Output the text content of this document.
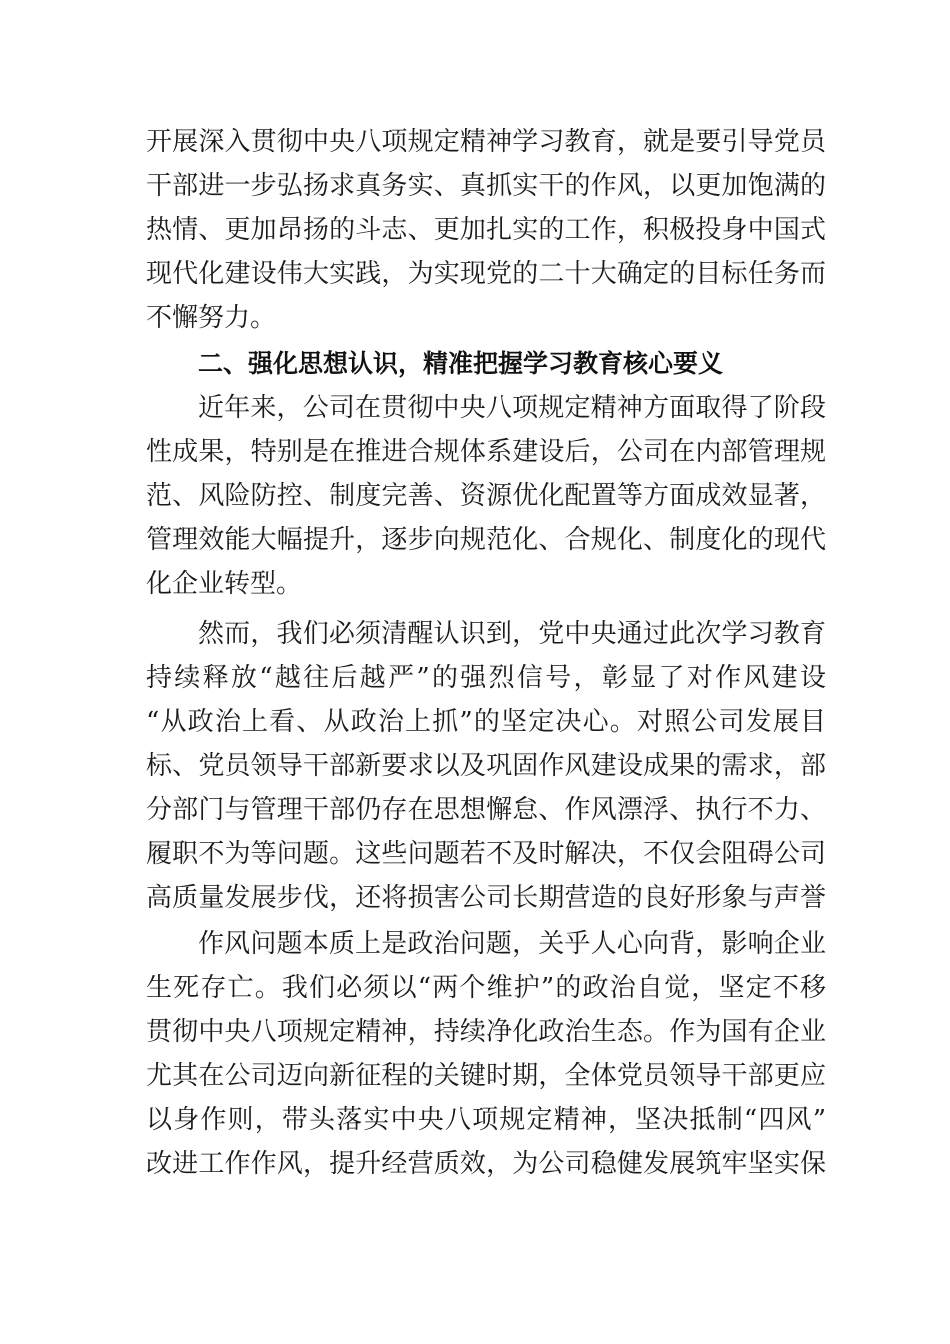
开展深入贯彻中央八项规定精神学习教育，就是要引导党员
干部进一步弘扬求真务实、真抓实干的作风，以更加饱满的
热情、更加昂扬的斗志、更加扎实的工作，积极投身中国式
现代化建设伟大实践，为实现党的二十大确定的目标任务而
不懈努力。
二、强化思想认识，精准把握学习教育核心要义
近年来，公司在贯彻中央八项规定精神方面取得了阶段
性成果，特别是在推进合规体系建设后，公司在内部管理规
范、风险防控、制度完善、资源优化配置等方面成效显著，
管理效能大幅提升，逐步向规范化、合规化、制度化的现代
化企业转型。
然而，我们必须清醒认识到，党中央通过此次学习教育
持续释放“越往后越严”的强烈信号，彰显了对作风建设
“从政治上看、从政治上抓”的坚定决心。对照公司发展目
标、党员领导干部新要求以及巩固作风建设成果的需求，部
分部门与管理干部仍存在思想懈怠、作风漂浮、执行不力、
履职不为等问题。这些问题若不及时解决，不仅会阻碍公司
高质量发展步伐，还将损害公司长期营造的良好形象与声誉
作风问题本质上是政治问题，关乎人心向背，影响企业
生死存亡。我们必须以“两个维护”的政治自觉，坚定不移
贯彻中央八项规定精神，持续净化政治生态。作为国有企业
尤其在公司迈向新征程的关键时期，全体党员领导干部更应
以身作则，带头落实中央八项规定精神，坚决抵制“四风”
改进工作作风，提升经营质效，为公司稳健发展筑牢坚实保
